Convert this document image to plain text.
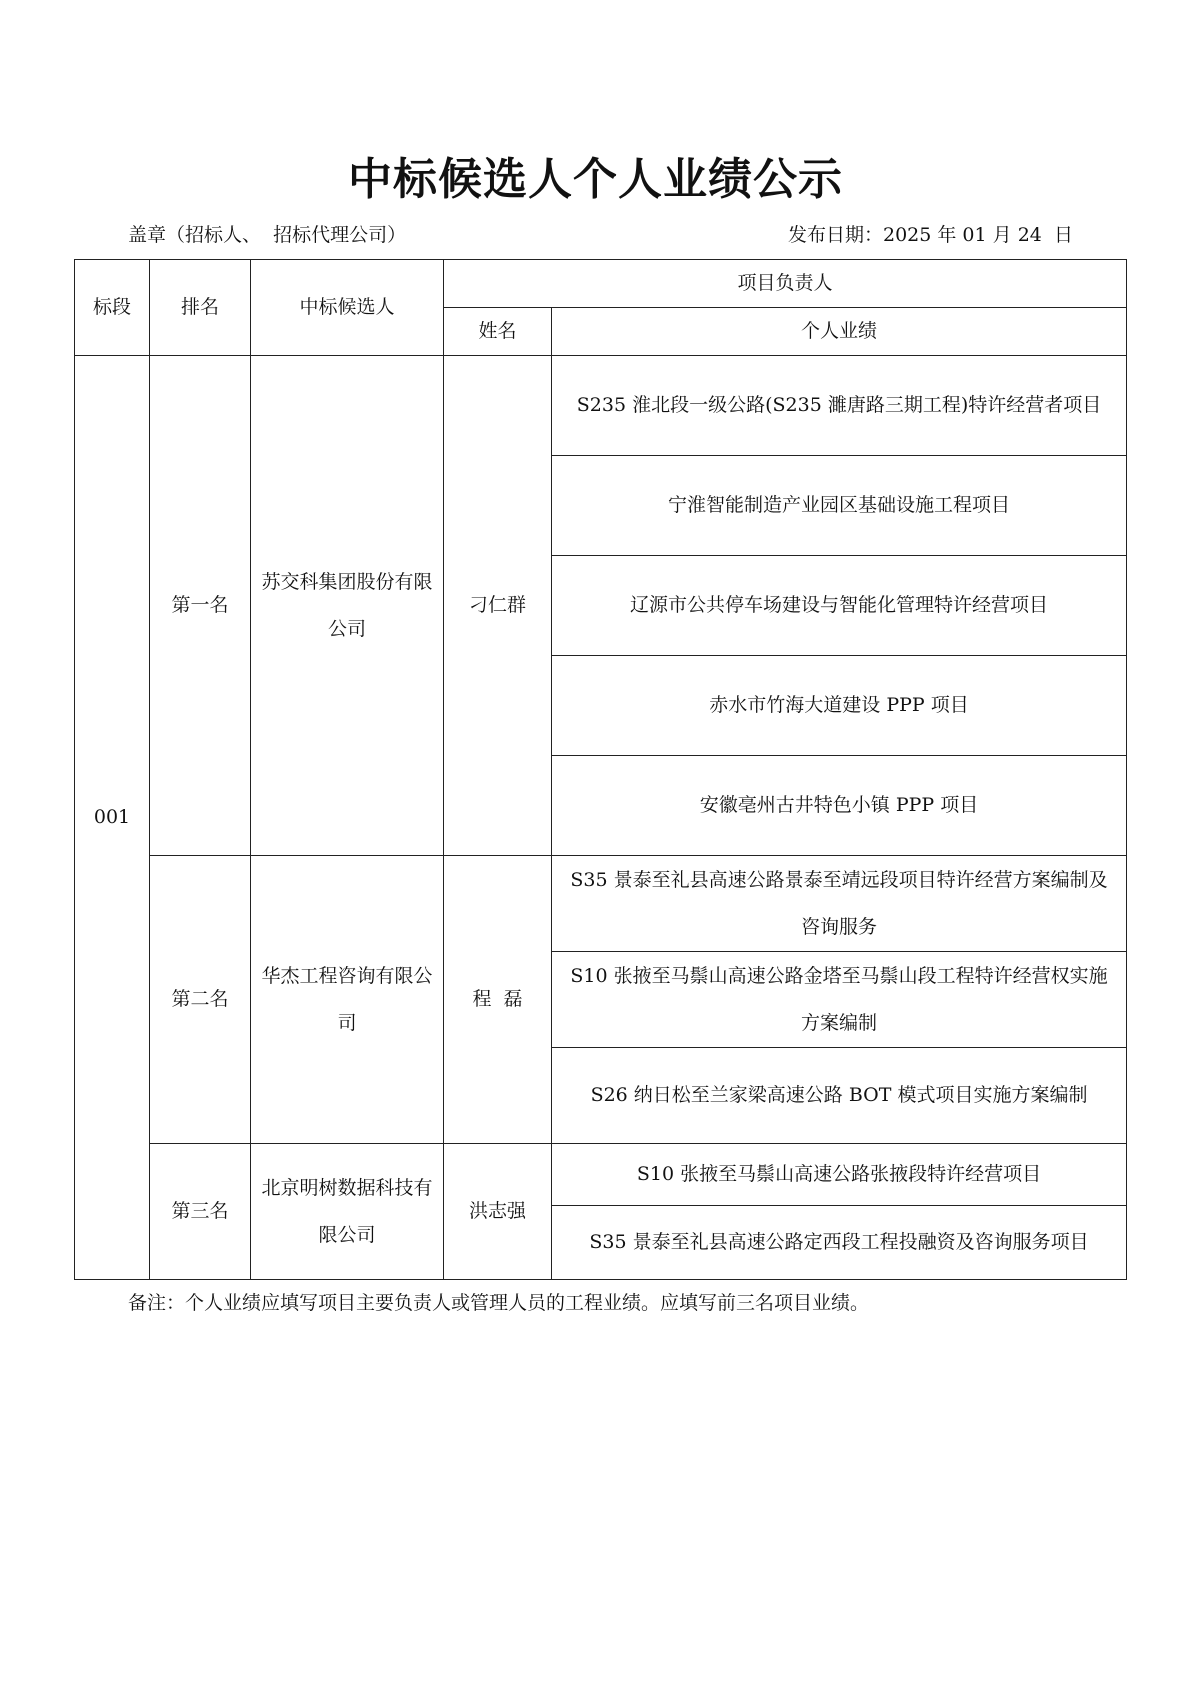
中标候选人个人业绩公示
盖章（招标人、  招标代理公司）	发布日期：2025 年 01 月 24  日
标段	排名	中标候选人	项目负责人	
			姓名	个人业绩
001	第一名	苏交科集团股份有限公司	刁仁群	S235 淮北段一级公路(S235 濉唐路三期工程)特许经营者项目
				宁淮智能制造产业园区基础设施工程项目
				辽源市公共停车场建设与智能化管理特许经营项目
				赤水市竹海大道建设 PPP 项目
				安徽亳州古井特色小镇 PPP 项目
	第二名	华杰工程咨询有限公司	程  磊	S35 景泰至礼县高速公路景泰至靖远段项目特许经营方案编制及咨询服务
				S10 张掖至马鬃山高速公路金塔至马鬃山段工程特许经营权实施方案编制
				S26 纳日松至兰家梁高速公路 BOT 模式项目实施方案编制
	第三名	北京明树数据科技有限公司	洪志强	S10 张掖至马鬃山高速公路张掖段特许经营项目
				S35 景泰至礼县高速公路定西段工程投融资及咨询服务项目
备注：个人业绩应填写项目主要负责人或管理人员的工程业绩。应填写前三名项目业绩。
